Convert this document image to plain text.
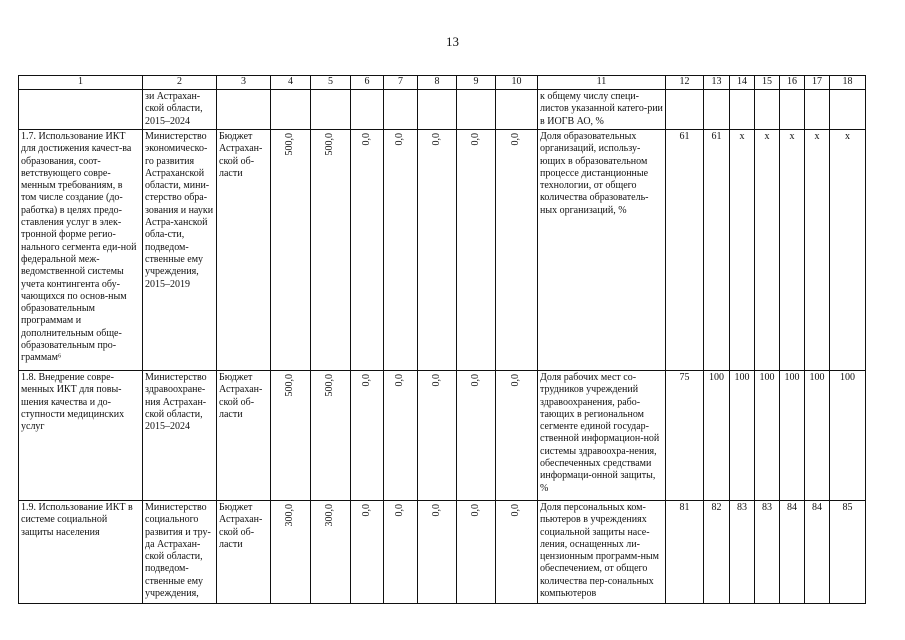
13
1	2	3	4	5	6	7	8	9	10	11	12	13	14	15	16	17	18
	зи Астрахан-ской области, 2015–2024									к общему числу специ-листов указанной катего-рии в ИОГВ АО, %							
1.7. Использование ИКТ для достижения качест-ва образования, соот-ветствующего совре-менным требованиям, в том числе создание (до-работка) в целях предо-ставления услуг в элек-тронной форме регио-нального сегмента еди-ной федеральной меж-ведомственной системы учета контингента обу-чающихся по основ-ным образовательным программам и дополнительным обще-образовательным про-граммам⁶	Министерство экономическо-го развития Астраханской области, мини-стерство обра-зования и науки Астра-ханской обла-сти, подведом-ственные ему учреждения, 2015–2019	Бюджет Астрахан-ской об-ласти	500,0	500,0	0,0	0,0	0,0	0,0	0,0	Доля образовательных организаций, использу-ющих в образовательном процессе дистанционные технологии, от общего количества образователь-ных организаций, %	61	61	x	x	x	x	x
1.8. Внедрение совре-менных ИКТ для повы-шения качества и до-ступности медицинских услуг	Министерство здравоохране-ния Астрахан-ской области, 2015–2024	Бюджет Астрахан-ской об-ласти	500,0	500,0	0,0	0,0	0,0	0,0	0,0	Доля рабочих мест со-трудников учреждений здравоохранения, рабо-тающих в региональном сегменте единой государ-ственной информацион-ной системы здравоохра-нения, обеспеченных средствами информаци-онной защиты, %	75	100	100	100	100	100	100
1.9. Использование ИКТ в системе социальной защиты населения	Министерство социального развития и тру-да Астрахан-ской области, подведом-ственные ему учреждения,	Бюджет Астрахан-ской об-ласти	300,0	300,0	0,0	0,0	0,0	0,0	0,0	Доля персональных ком-пьютеров в учреждениях социальной защиты насе-ления, оснащенных ли-цензионным программ-ным обеспечением, от общего количества пер-сональных компьютеров	81	82	83	83	84	84	85
